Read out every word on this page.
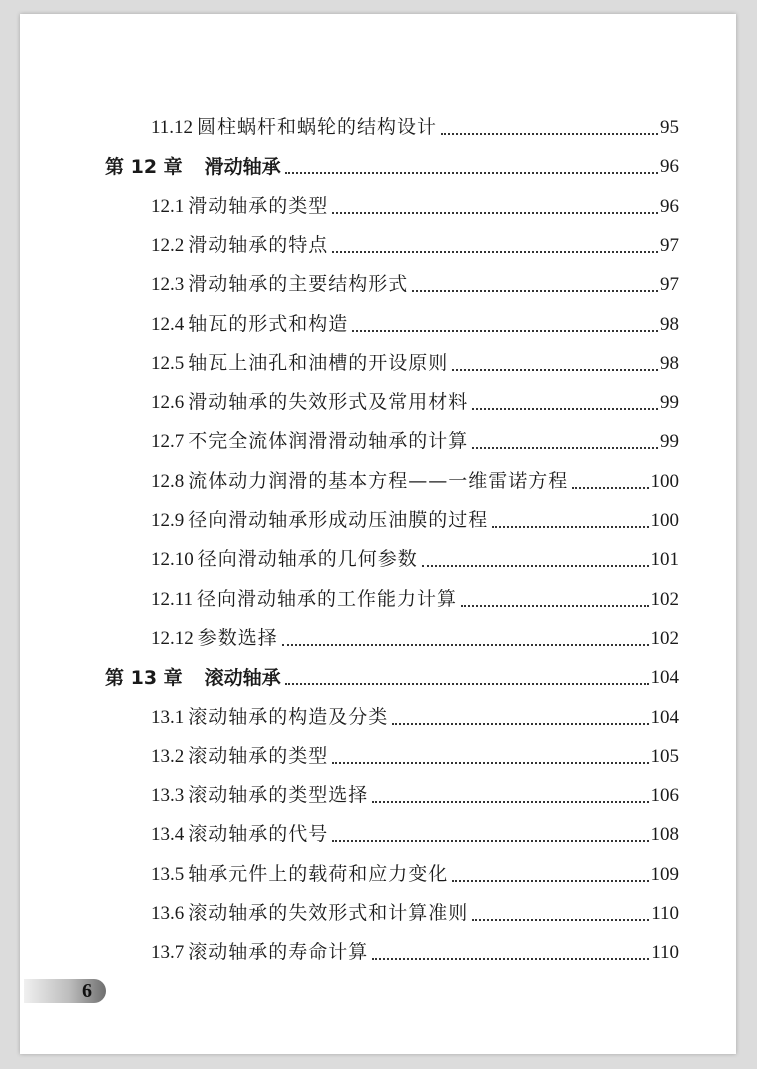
11.12 圆柱蜗杆和蜗轮的结构设计	95
第 12 章 滑动轴承	96
12.1 滑动轴承的类型	96
12.2 滑动轴承的特点	97
12.3 滑动轴承的主要结构形式	97
12.4 轴瓦的形式和构造	98
12.5 轴瓦上油孔和油槽的开设原则	98
12.6 滑动轴承的失效形式及常用材料	99
12.7 不完全流体润滑滑动轴承的计算	99
12.8 流体动力润滑的基本方程——一维雷诺方程	100
12.9 径向滑动轴承形成动压油膜的过程	100
12.10 径向滑动轴承的几何参数	101
12.11 径向滑动轴承的工作能力计算	102
12.12 参数选择	102
第 13 章 滚动轴承	104
13.1 滚动轴承的构造及分类	104
13.2 滚动轴承的类型	105
13.3 滚动轴承的类型选择	106
13.4 滚动轴承的代号	108
13.5 轴承元件上的载荷和应力变化	109
13.6 滚动轴承的失效形式和计算准则	110
13.7 滚动轴承的寿命计算	110
6
